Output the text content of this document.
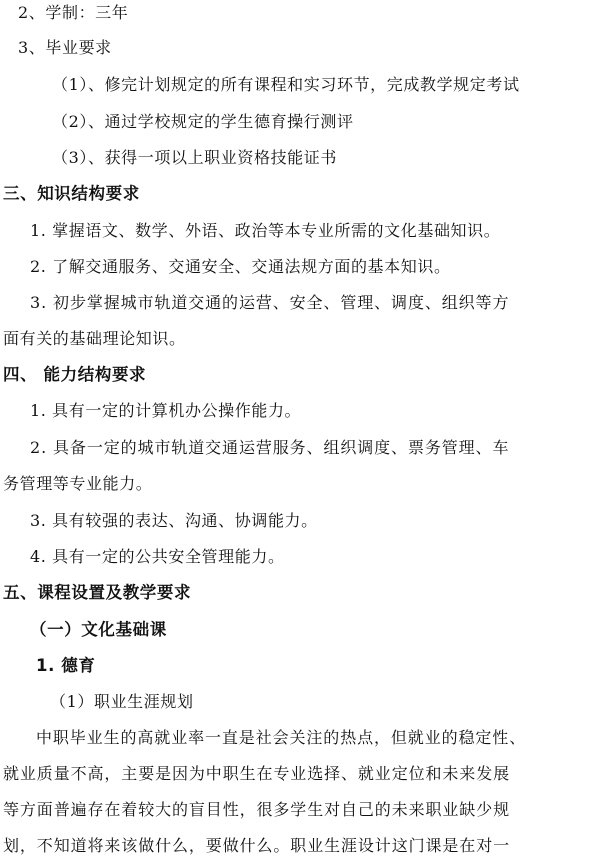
2、学制：三年
3、毕业要求
（1）、修完计划规定的所有课程和实习环节，完成教学规定考试
（2）、通过学校规定的学生德育操行测评
（3）、获得一项以上职业资格技能证书
三、知识结构要求
1. 掌握语文、数学、外语、政治等本专业所需的文化基础知识。
2. 了解交通服务、交通安全、交通法规方面的基本知识。
3. 初步掌握城市轨道交通的运营、安全、管理、调度、组织等方
面有关的基础理论知识。
四、 能力结构要求
1. 具有一定的计算机办公操作能力。
2. 具备一定的城市轨道交通运营服务、组织调度、票务管理、车
务管理等专业能力。
3. 具有较强的表达、沟通、协调能力。
4. 具有一定的公共安全管理能力。
五、课程设置及教学要求
（一）文化基础课
1. 德育
（1）职业生涯规划
中职毕业生的高就业率一直是社会关注的热点，但就业的稳定性、
就业质量不高，主要是因为中职生在专业选择、就业定位和未来发展
等方面普遍存在着较大的盲目性，很多学生对自己的未来职业缺少规
划，不知道将来该做什么，要做什么。职业生涯设计这门课是在对一
